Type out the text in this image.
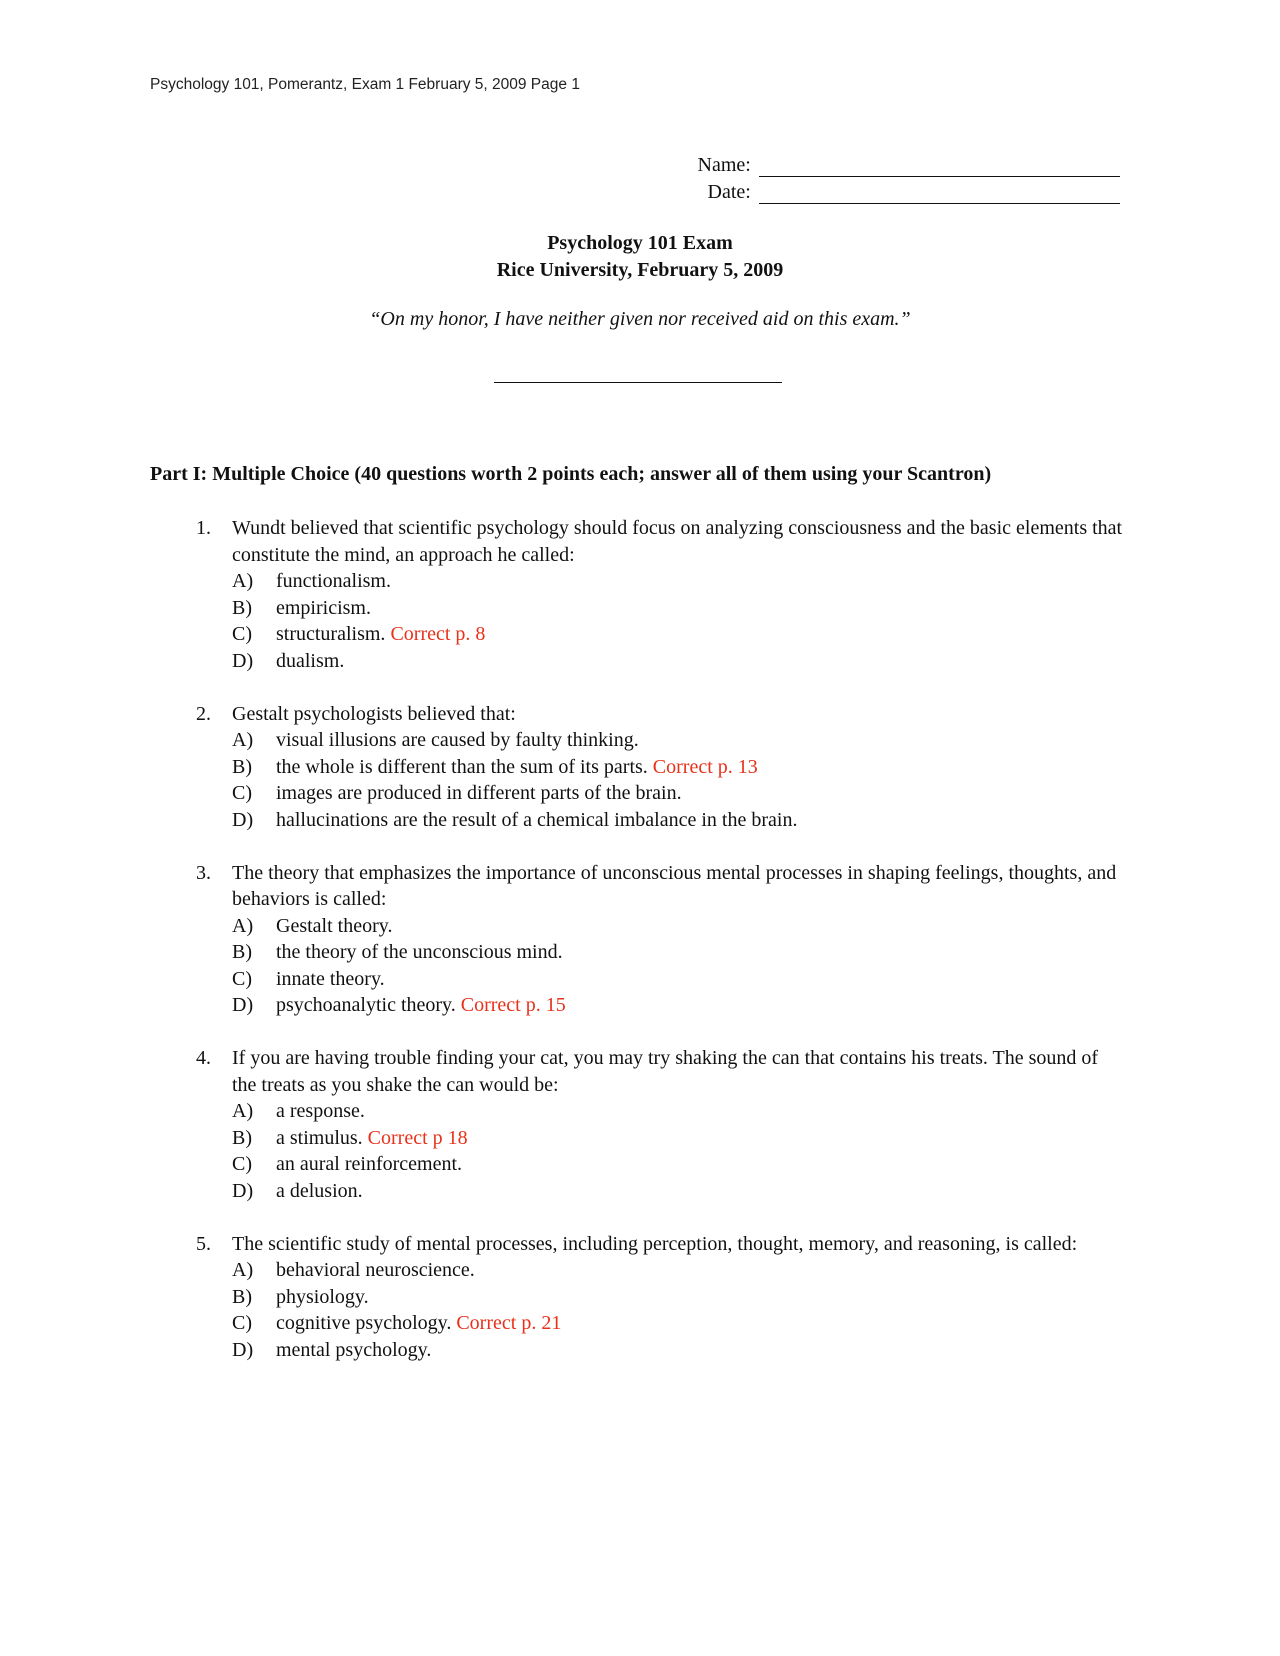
Psychology 101, Pomerantz, Exam 1 February 5, 2009 Page 1
Name:
Date:
Psychology 101 Exam
Rice University, February 5, 2009
“On my honor, I have neither given nor received aid on this exam.”
Part I: Multiple Choice (40 questions worth 2 points each; answer all of them using your Scantron)
1.	Wundt believed that scientific psychology should focus on analyzing consciousness and the basic elements that constitute the mind, an approach he called:
A)	functionalism.
B)	empiricism.
C)	structuralism. Correct p. 8
D)	dualism.
2.	Gestalt psychologists believed that:
A)	visual illusions are caused by faulty thinking.
B)	the whole is different than the sum of its parts. Correct p. 13
C)	images are produced in different parts of the brain.
D)	hallucinations are the result of a chemical imbalance in the brain.
3.	The theory that emphasizes the importance of unconscious mental processes in shaping feelings, thoughts, and behaviors is called:
A)	Gestalt theory.
B)	the theory of the unconscious mind.
C)	innate theory.
D)	psychoanalytic theory. Correct p. 15
4.	If you are having trouble finding your cat, you may try shaking the can that contains his treats. The sound of the treats as you shake the can would be:
A)	a response.
B)	a stimulus. Correct p 18
C)	an aural reinforcement.
D)	a delusion.
5.	The scientific study of mental processes, including perception, thought, memory, and reasoning, is called:
A)	behavioral neuroscience.
B)	physiology.
C)	cognitive psychology. Correct p. 21
D)	mental psychology.
